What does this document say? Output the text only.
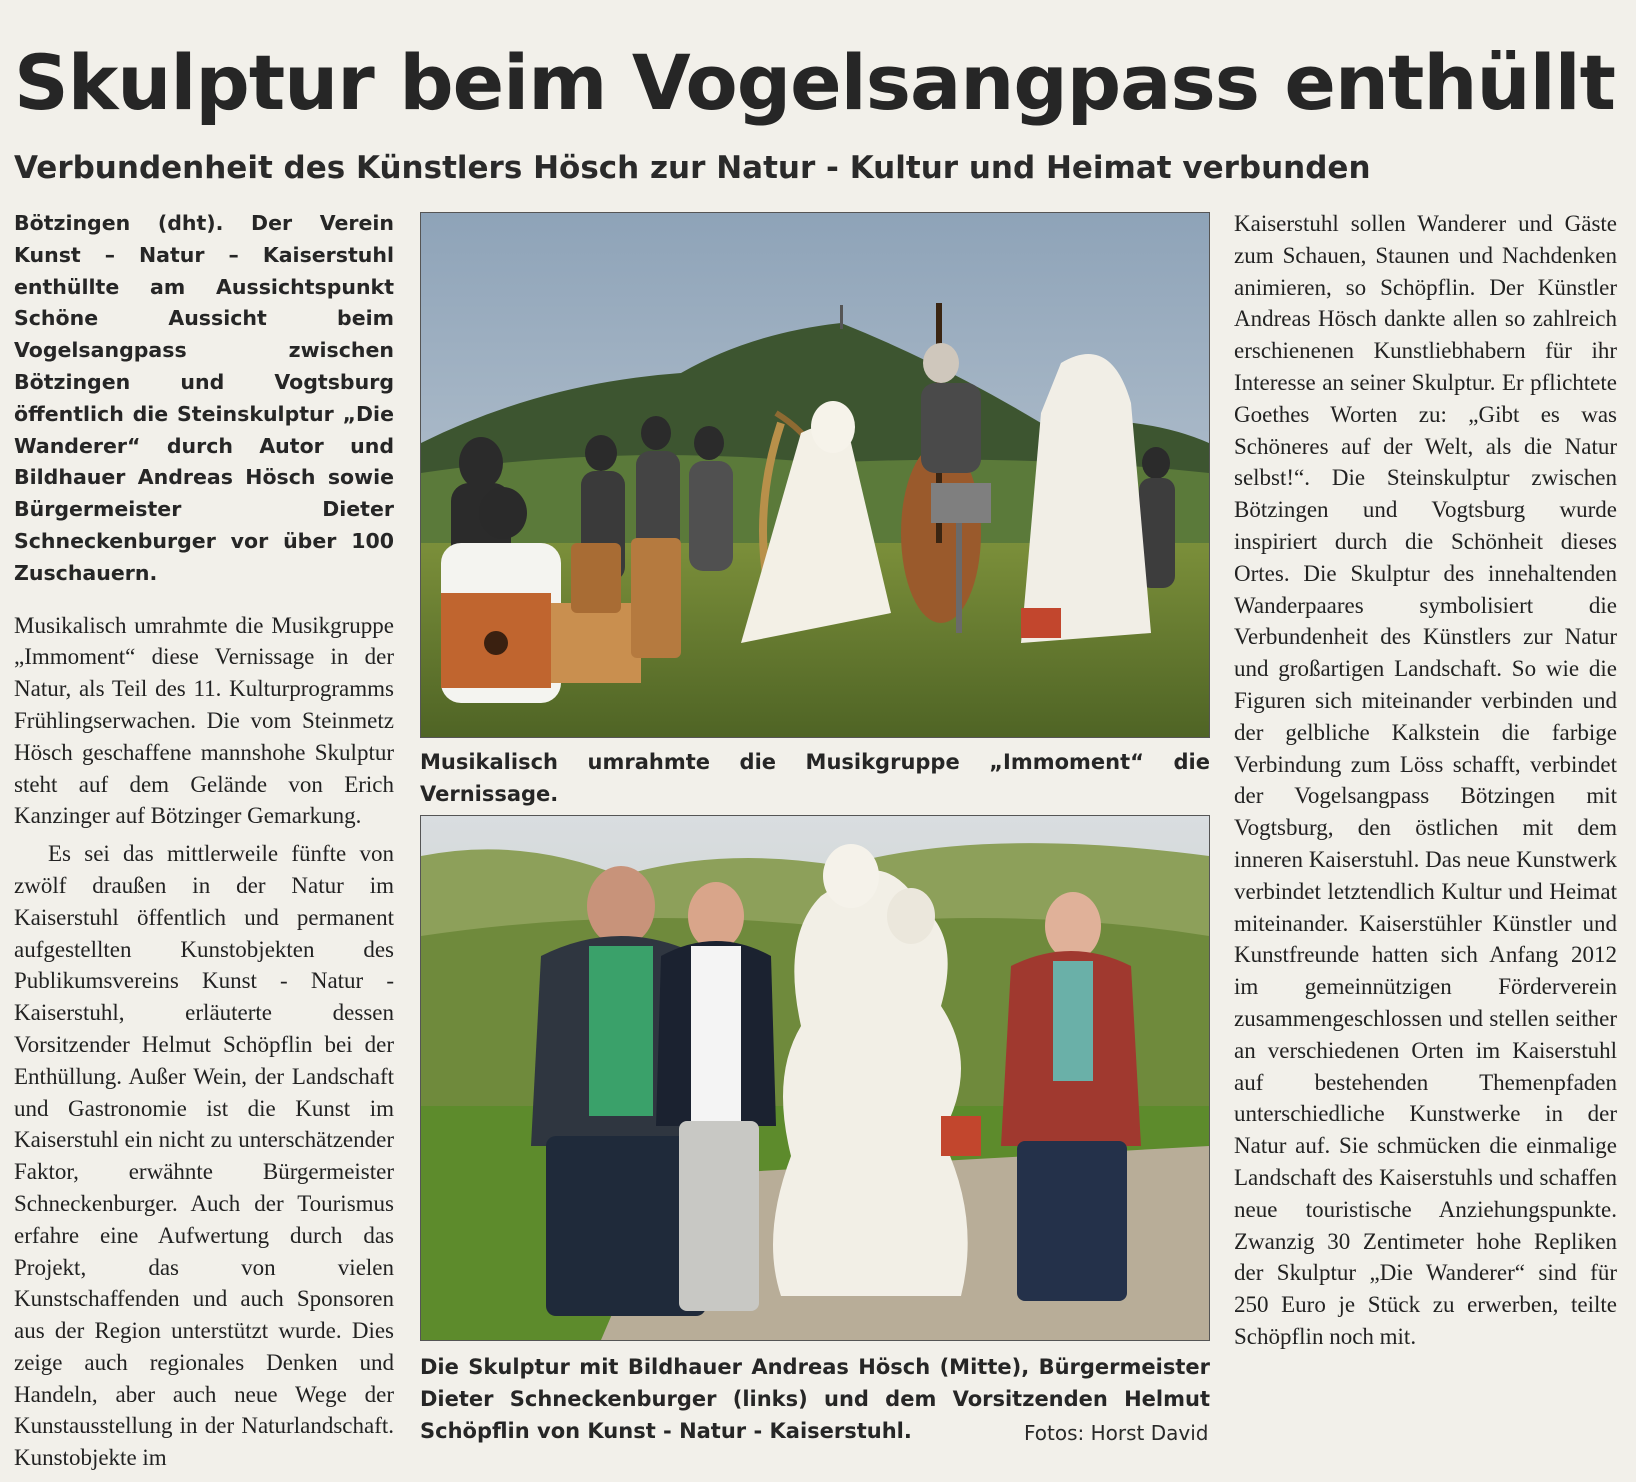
Skulptur beim Vogelsangpass enthüllt
Verbundenheit des Künstlers Hösch zur Natur - Kultur und Heimat verbunden

Bötzingen (dht). Der Verein Kunst – Natur – Kaiserstuhl enthüllte am Aussichtspunkt Schöne Aussicht beim Vogelsangpass zwischen Bötzingen und Vogtsburg öffentlich die Steinskulptur „Die Wanderer“ durch Autor und Bildhauer Andreas Hösch sowie Bürgermeister Dieter Schneckenburger vor über 100 Zuschauern.

Musikalisch umrahmte die Musikgruppe „Immoment“ diese Vernissage in der Natur, als Teil des 11. Kulturprogramms Frühlingserwachen. Die vom Steinmetz Hösch geschaffene mannshohe Skulptur steht auf dem Gelände von Erich Kanzinger auf Bötzinger Gemarkung.

Es sei das mittlerweile fünfte von zwölf draußen in der Natur im Kaiserstuhl öffentlich und permanent aufgestellten Kunstobjekten des Publikumsvereins Kunst - Natur - Kaiserstuhl, erläuterte dessen Vorsitzender Helmut Schöpflin bei der Enthüllung. Außer Wein, der Landschaft und Gastronomie ist die Kunst im Kaiserstuhl ein nicht zu unterschätzender Faktor, erwähnte Bürgermeister Schneckenburger. Auch der Tourismus erfahre eine Aufwertung durch das Projekt, das von vielen Kunstschaffenden und auch Sponsoren aus der Region unterstützt wurde. Dies zeige auch regionales Denken und Handeln, aber auch neue Wege der Kunstausstellung in der Naturlandschaft. Kunstobjekte im

Musikalisch umrahmte die Musikgruppe „Immoment“ die Vernissage.

Die Skulptur mit Bildhauer Andreas Hösch (Mitte), Bürgermeister Dieter Schneckenburger (links) und dem Vorsitzenden Helmut Schöpflin von Kunst - Natur - Kaiserstuhl.	Fotos: Horst David

Kaiserstuhl sollen Wanderer und Gäste zum Schauen, Staunen und Nachdenken animieren, so Schöpflin. Der Künstler Andreas Hösch dankte allen so zahlreich erschienenen Kunstliebhabern für ihr Interesse an seiner Skulptur. Er pflichtete Goethes Worten zu: „Gibt es was Schöneres auf der Welt, als die Natur selbst!“. Die Steinskulptur zwischen Bötzingen und Vogtsburg wurde inspiriert durch die Schönheit dieses Ortes. Die Skulptur des innehaltenden Wanderpaares symbolisiert die Verbundenheit des Künstlers zur Natur und großartigen Landschaft. So wie die Figuren sich miteinander verbinden und der gelbliche Kalkstein die farbige Verbindung zum Löss schafft, verbindet der Vogelsangpass Bötzingen mit Vogtsburg, den östlichen mit dem inneren Kaiserstuhl. Das neue Kunstwerk verbindet letztendlich Kultur und Heimat miteinander. Kaiserstühler Künstler und Kunstfreunde hatten sich Anfang 2012 im gemeinnützigen Förderverein zusammengeschlossen und stellen seither an verschiedenen Orten im Kaiserstuhl auf bestehenden Themenpfaden unterschiedliche Kunstwerke in der Natur auf. Sie schmücken die einmalige Landschaft des Kaiserstuhls und schaffen neue touristische Anziehungspunkte. Zwanzig 30 Zentimeter hohe Repliken der Skulptur „Die Wanderer“ sind für 250 Euro je Stück zu erwerben, teilte Schöpflin noch mit.
